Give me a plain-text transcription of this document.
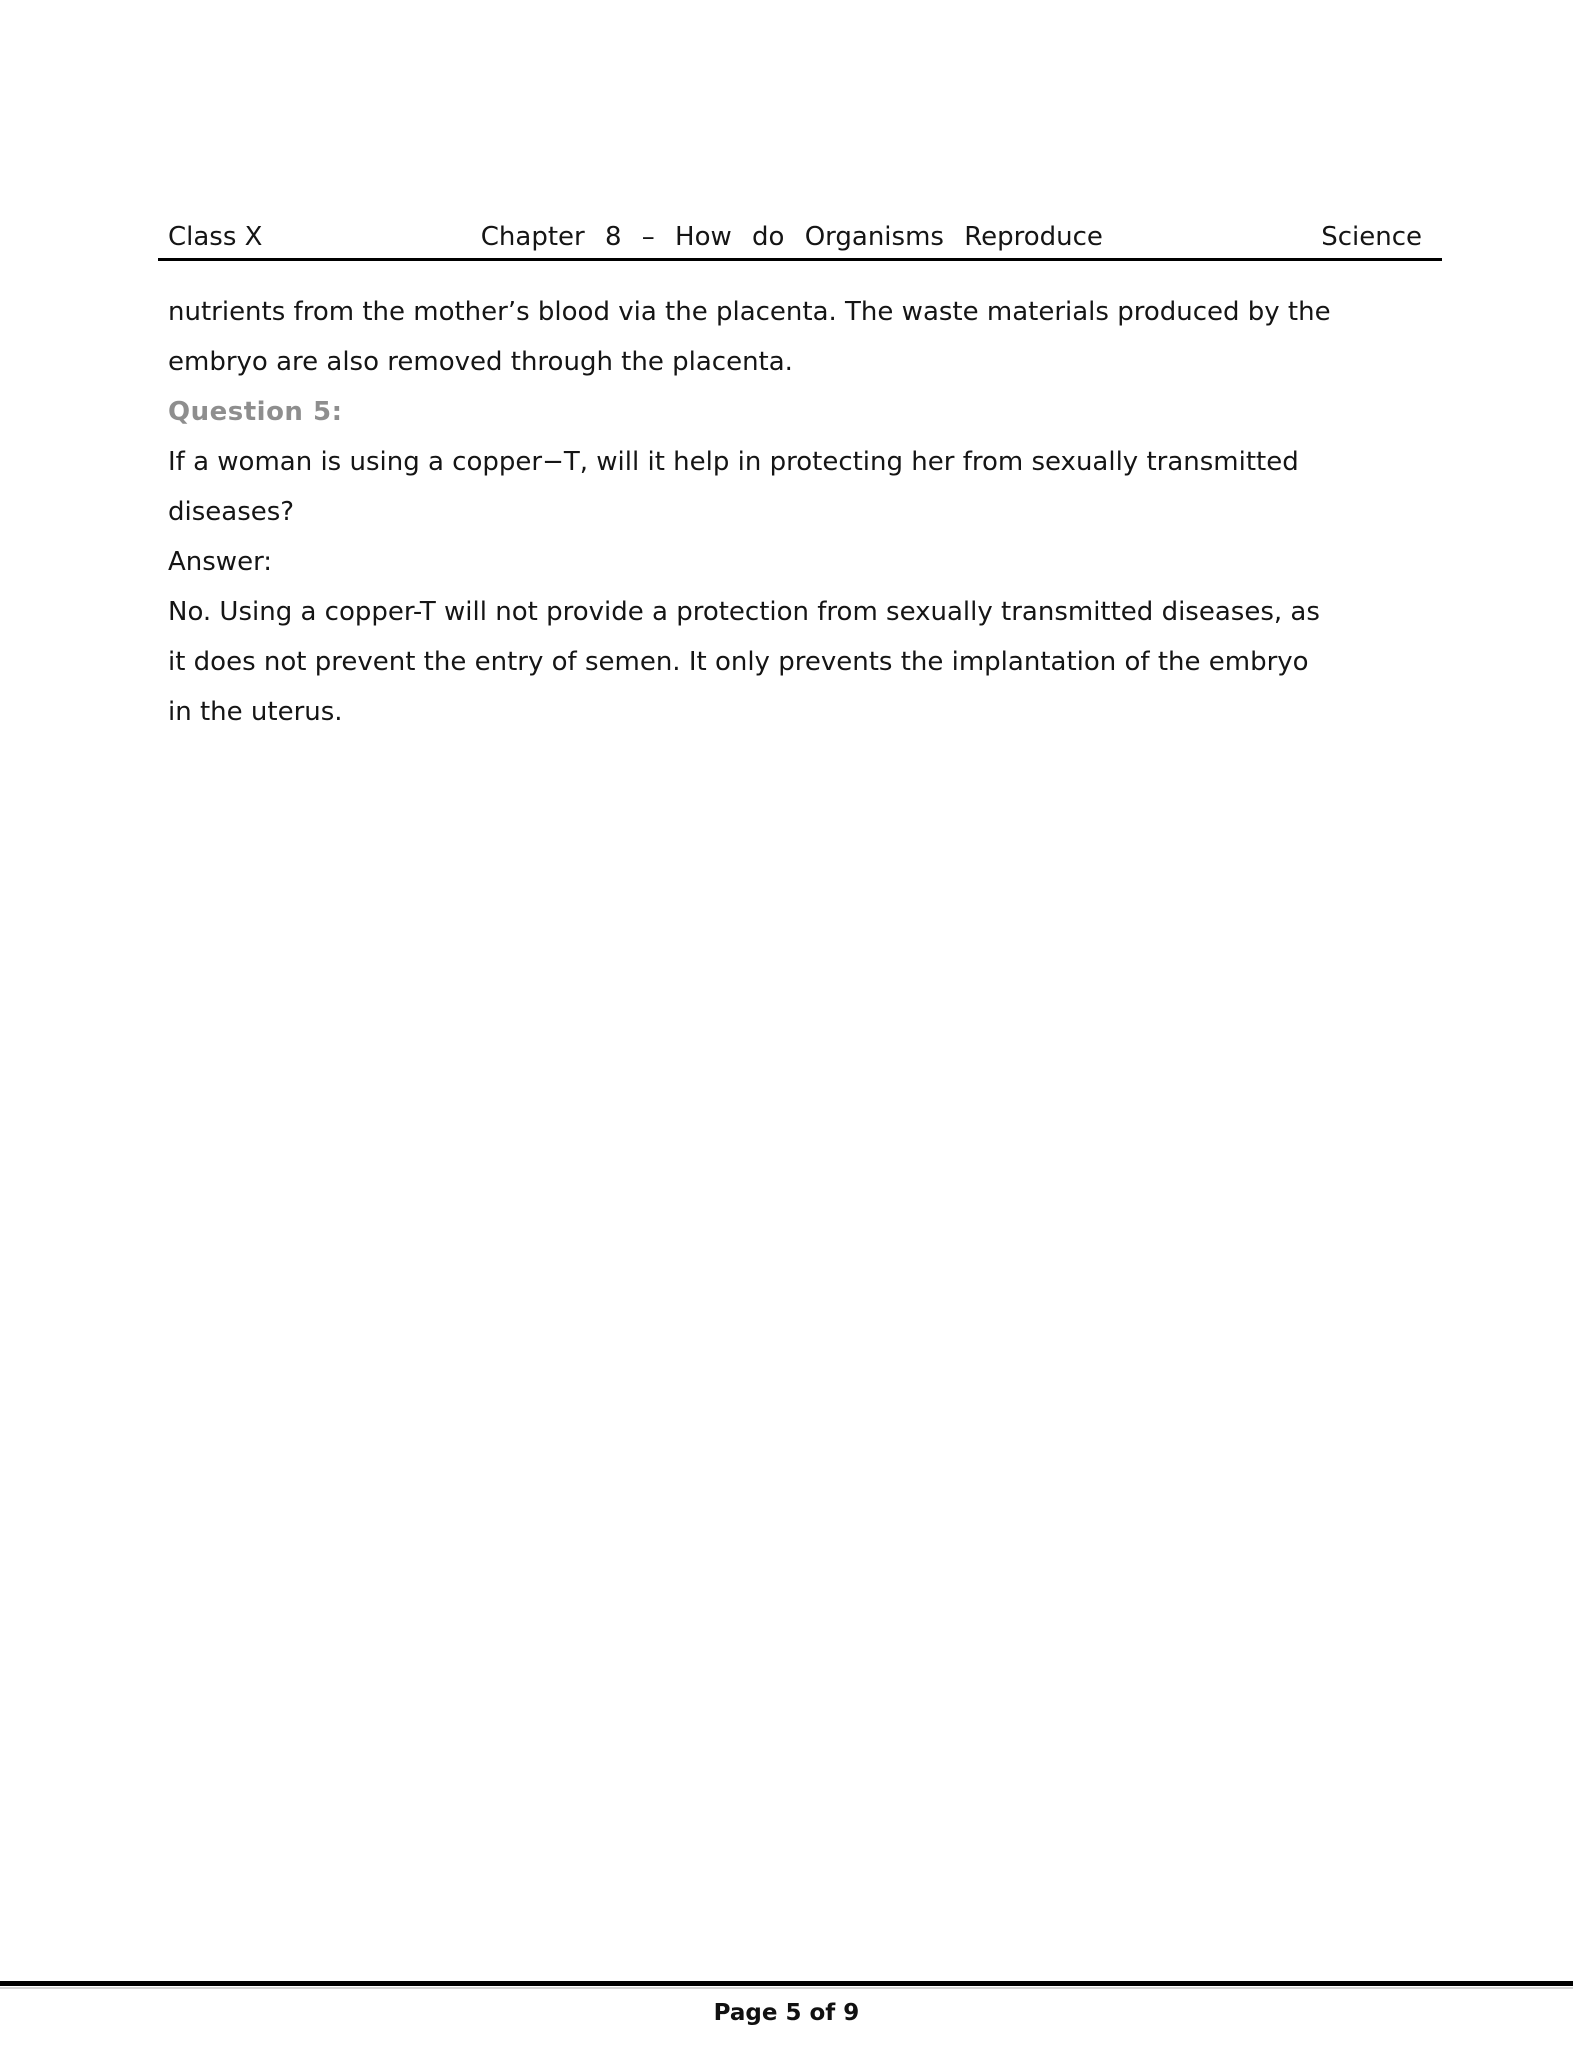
Class X	Chapter 8 – How do Organisms Reproduce	Science
nutrients from the mother’s blood via the placenta. The waste materials produced by the
embryo are also removed through the placenta.
Question 5:
If a woman is using a copper−T, will it help in protecting her from sexually transmitted
diseases?
Answer:
No. Using a copper-T will not provide a protection from sexually transmitted diseases, as
it does not prevent the entry of semen. It only prevents the implantation of the embryo
in the uterus.
Page 5 of 9
